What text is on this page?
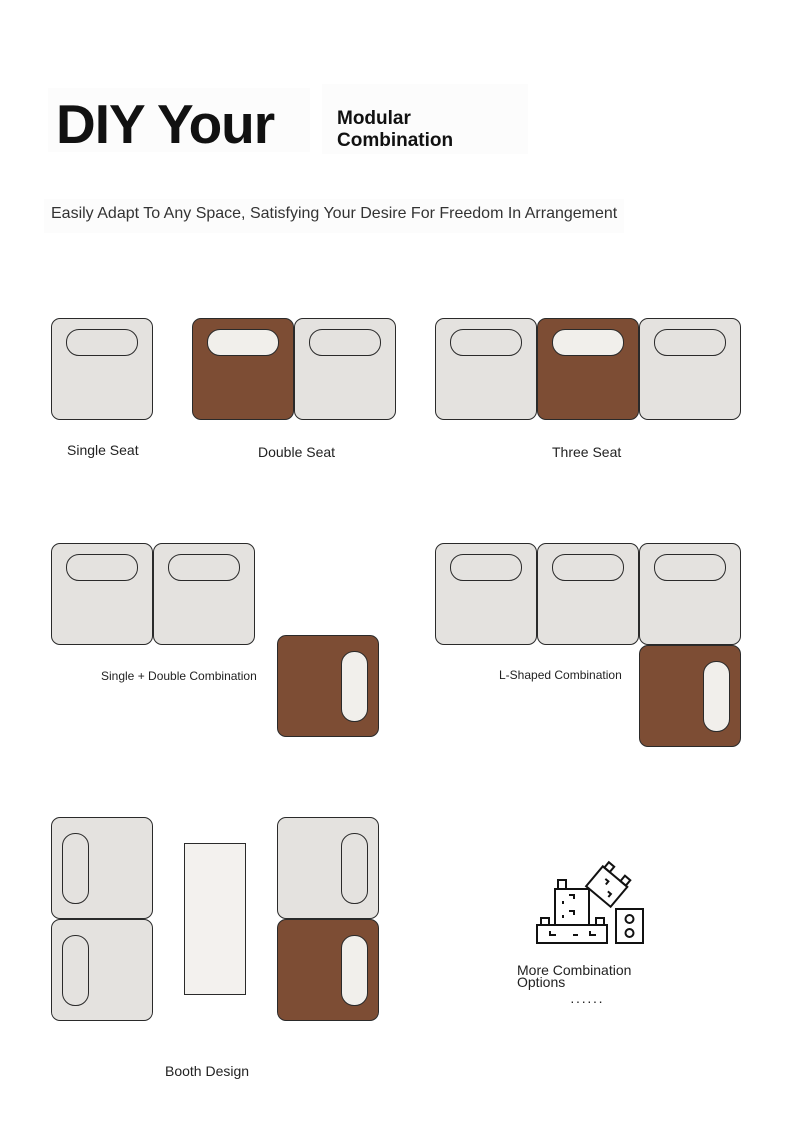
DIY Your	Modular Combination
Easily Adapt To Any Space, Satisfying Your Desire For Freedom In Arrangement
Single Seat	Double Seat	Three Seat
Single + Double Combination	L-Shaped Combination
Booth Design
More Combination
Options
······
